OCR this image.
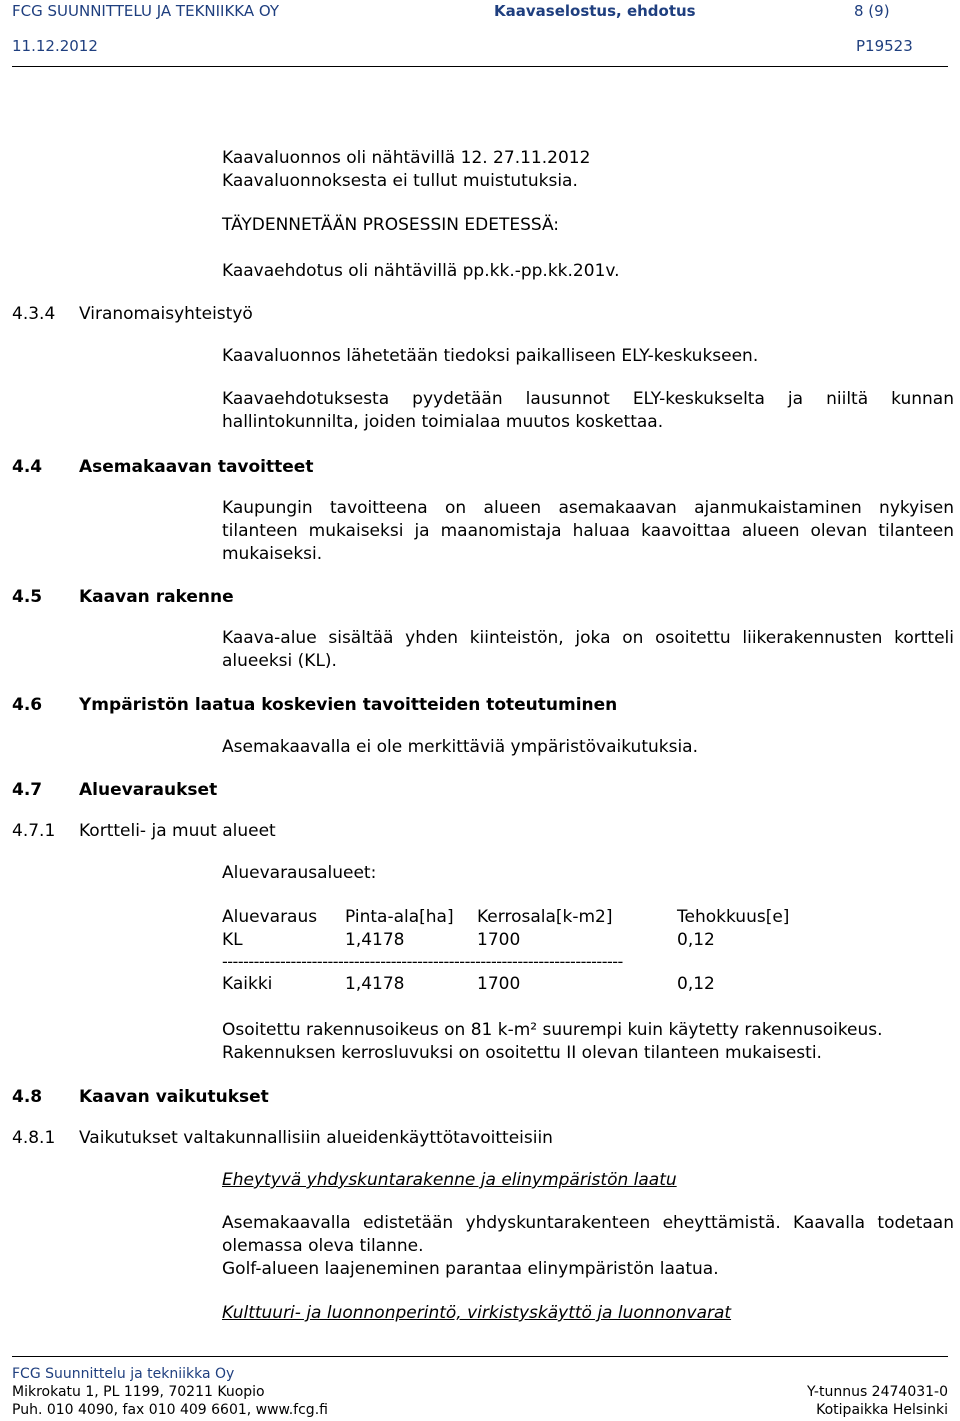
FCG SUUNNITTELU JA TEKNIIKKA OY	Kaavaselostus, ehdotus	8 (9)
11.12.2012	P19523
Kaavaluonnos oli nähtävillä 12. 27.11.2012
Kaavaluonnoksesta ei tullut muistutuksia.
TÄYDENNETÄÄN PROSESSIN EDETESSÄ:
Kaavaehdotus oli nähtävillä pp.kk.-pp.kk.201v.
4.3.4 Viranomaisyhteistyö
Kaavaluonnos lähetetään tiedoksi paikalliseen ELY-keskukseen.
Kaavaehdotuksesta pyydetään lausunnot ELY-keskukselta ja niiltä kunnan hallintokunnilta, joiden toimialaa muutos koskettaa.
4.4 Asemakaavan tavoitteet
Kaupungin tavoitteena on alueen asemakaavan ajanmukaistaminen nykyisen tilanteen mukaiseksi ja maanomistaja haluaa kaavoittaa alueen olevan tilanteen mukaiseksi.
4.5 Kaavan rakenne
Kaava-alue sisältää yhden kiinteistön, joka on osoitettu liikerakennusten kortteli alueeksi (KL).
4.6 Ympäristön laatua koskevien tavoitteiden toteutuminen
Asemakaavalla ei ole merkittäviä ympäristövaikutuksia.
4.7 Aluevaraukset
4.7.1 Kortteli- ja muut alueet
Aluevarausalueet:
Aluevaraus Pinta-ala[ha] Kerrosala[k-m2]	Tehokkuus[e]
KL	1,4178	1700	0,12
----------------------------------------------------------------------------
Kaikki	1,4178	1700	0,12
Osoitettu rakennusoikeus on 81 k-m² suurempi kuin käytetty rakennusoikeus.
Rakennuksen kerrosluvuksi on osoitettu II olevan tilanteen mukaisesti.
4.8 Kaavan vaikutukset
4.8.1 Vaikutukset valtakunnallisiin alueidenkäyttötavoitteisiin
Eheytyvä yhdyskuntarakenne ja elinympäristön laatu
Asemakaavalla edistetään yhdyskuntarakenteen eheyttämistä. Kaavalla todetaan olemassa oleva tilanne.
Golf-alueen laajeneminen parantaa elinympäristön laatua.
Kulttuuri- ja luonnonperintö, virkistyskäyttö ja luonnonvarat
FCG Suunnittelu ja tekniikka Oy
Mikrokatu 1, PL 1199, 70211 Kuopio
Puh. 010 4090, fax 010 409 6601, www.fcg.fi
Y-tunnus 2474031-0
Kotipaikka Helsinki
